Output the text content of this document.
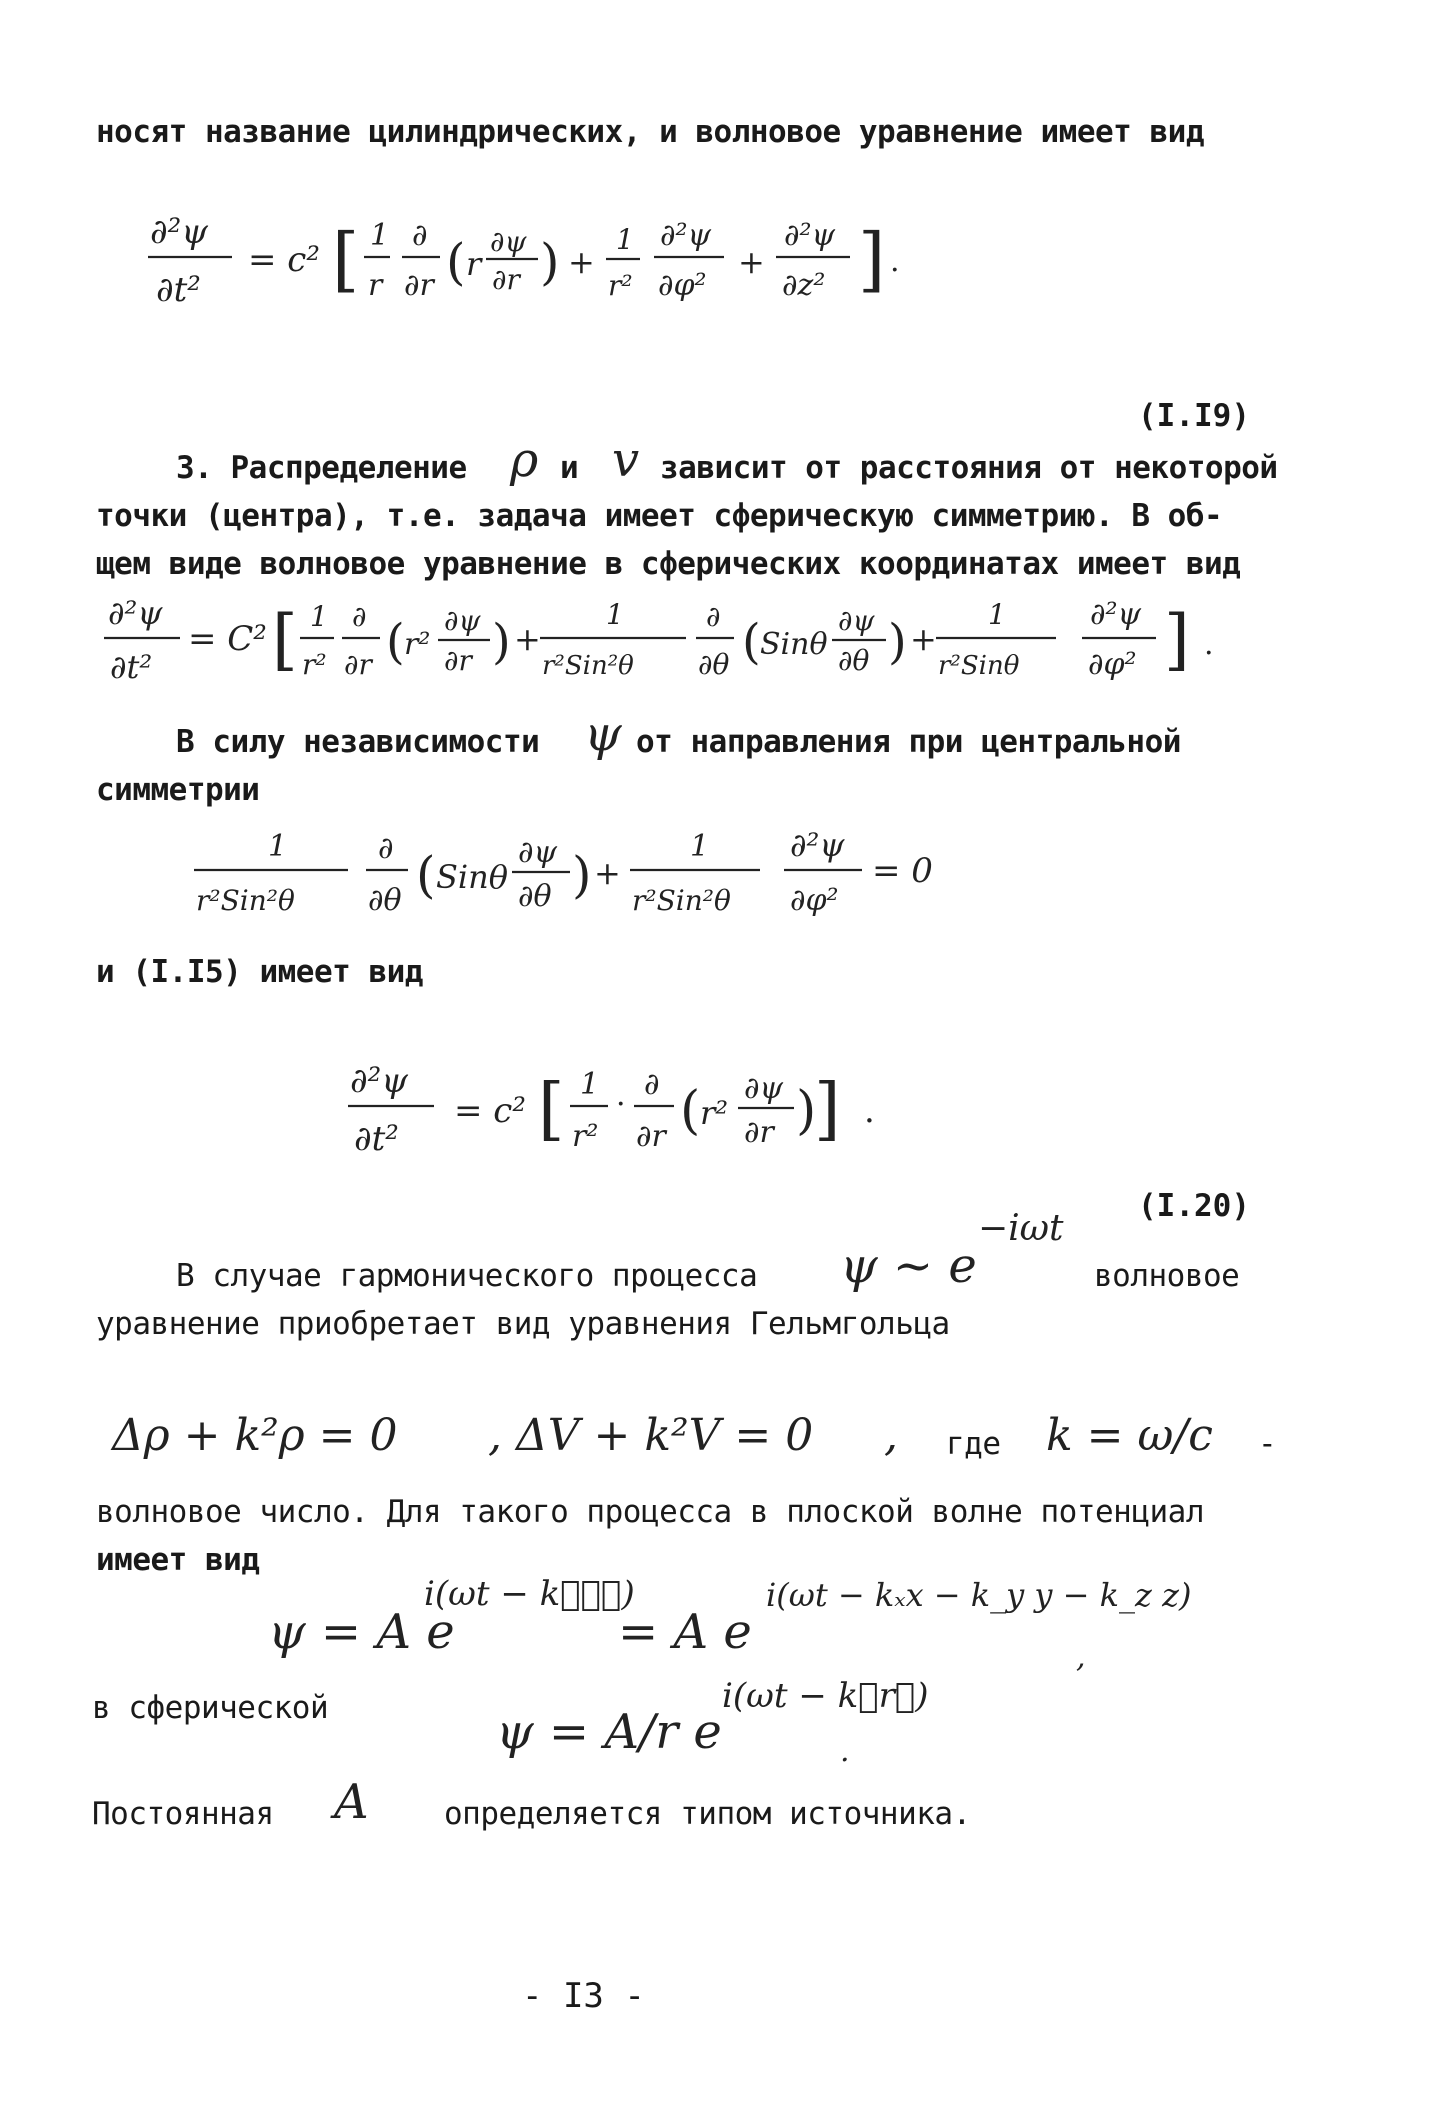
носят название цилиндрических, и волновое уравнение имеет вид
∂²ψ
∂t²
= c² [ 1
r
∂
∂r ( r
∂ψ
∂r ) +
1
r²
∂²ψ
∂φ²
+
∂²ψ
∂z² ] .
(I.I9)
3. Распределение ρ и v зависит от расстояния от некоторой
точки (центра), т.е. задача имеет сферическую симметрию. В об-
щем виде волновое уравнение в сферических координатах имеет вид
∂²ψ
∂t²
= C² [ 1
r²
∂
∂r ( r²
∂ψ
∂r ) +
1
r²Sin²θ
∂
∂θ ( Sinθ
∂ψ
∂θ ) +
1
r²Sinθ
∂²ψ
∂φ² ] .
В силу независимости ψ от направления при центральной
симметрии
1
r²Sin²θ
∂
∂θ ( Sinθ
∂ψ
∂θ ) +
1
r²Sin²θ
∂²ψ
∂φ²
= 0
и (I.I5) имеет вид
∂²ψ
∂t²
= c² [ 1
r²
·
∂
∂r ( r²
∂ψ
∂r )
] .
(I.20)
В случае гармонического процесса ψ ~ e
−iωt
волновое
уравнение приобретает вид уравнения Гельмгольца
Δρ + k²ρ = 0 , ΔV + k²V = 0 , где k = ω/c -
волновое число. Для такого процесса в плоской волне потенциал
имеет вид
ψ = A e
i(ωt − k⃗ℓ⃗)
= A e
i(ωt − kₓx − k_y y − k_z z)
,
в сферической	ψ = A/r e
i(ωt − k⃗r⃗)
.
Постоянная A определяется типом источника.
- I3 -
